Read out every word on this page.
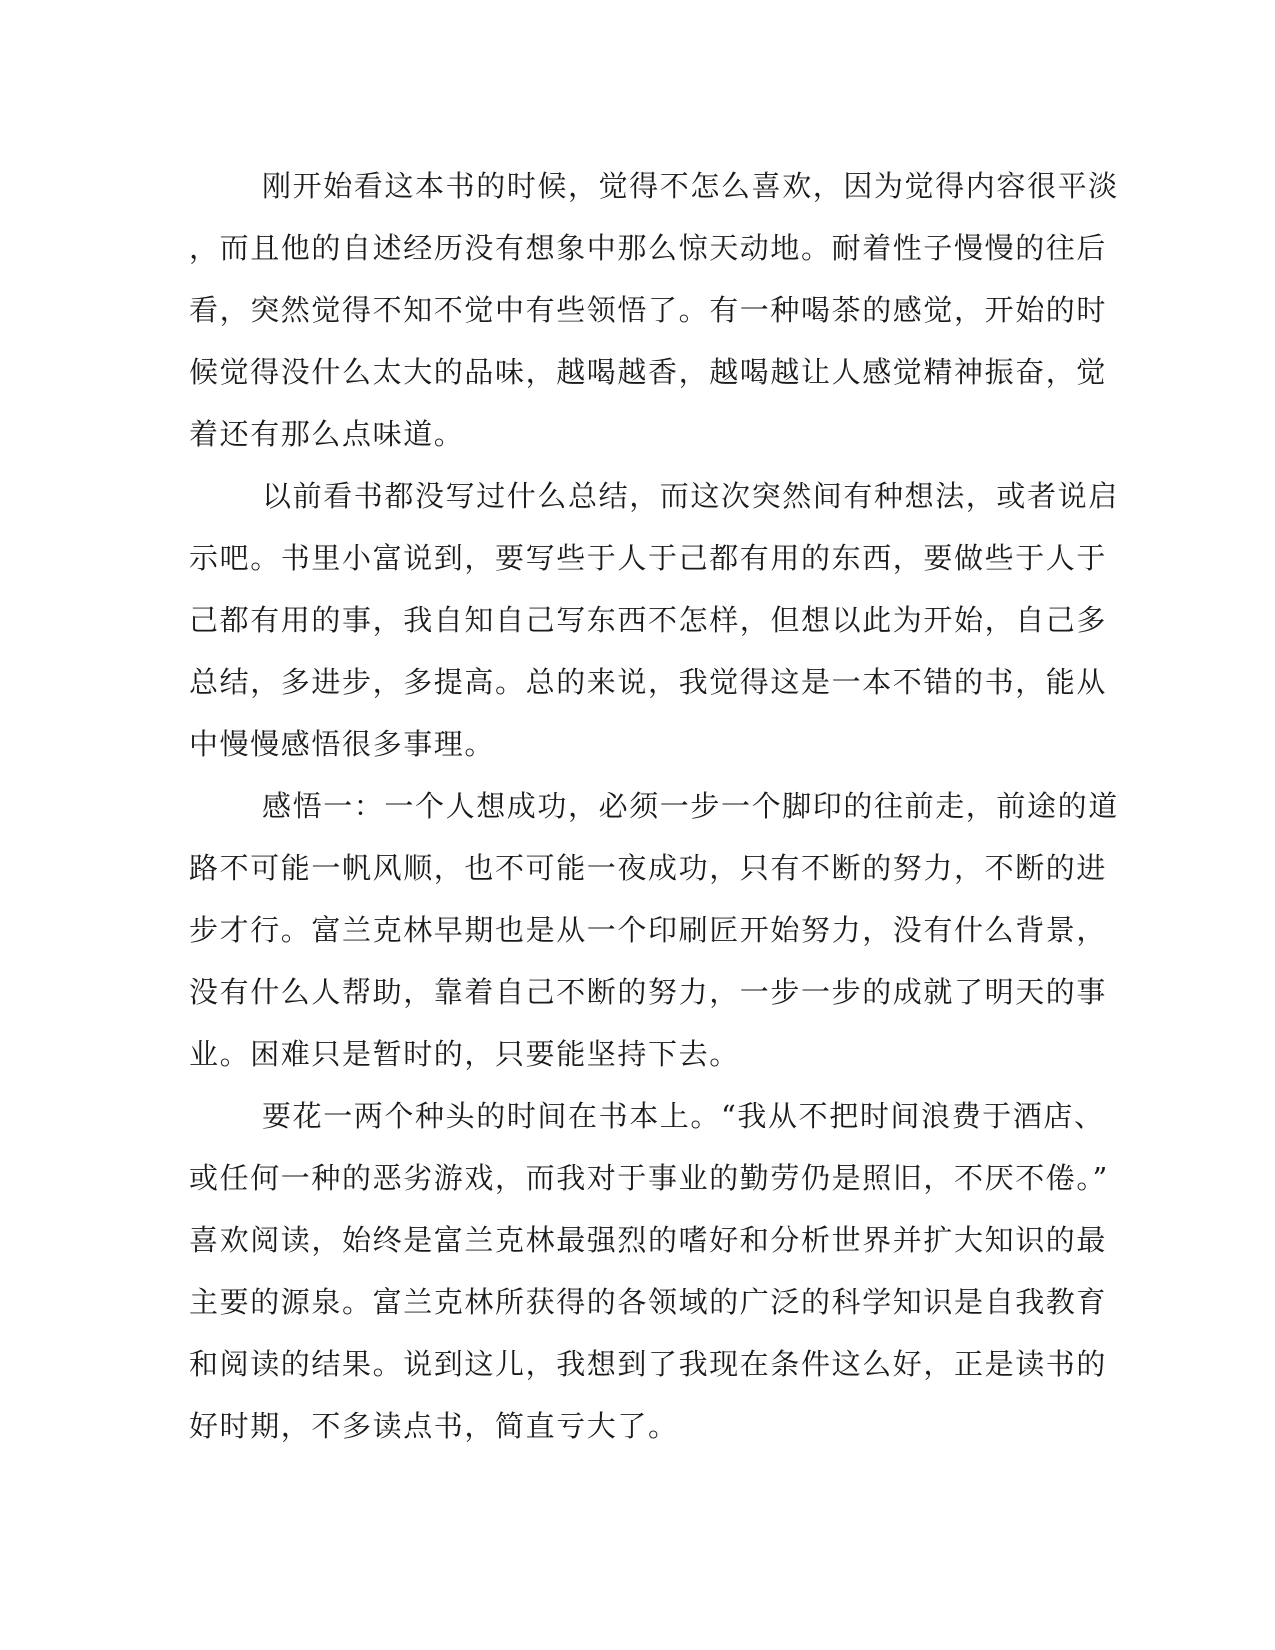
刚开始看这本书的时候，觉得不怎么喜欢，因为觉得内容很平淡
，而且他的自述经历没有想象中那么惊天动地。耐着性子慢慢的往后
看，突然觉得不知不觉中有些领悟了。有一种喝茶的感觉，开始的时
候觉得没什么太大的品味，越喝越香，越喝越让人感觉精神振奋，觉
着还有那么点味道。
以前看书都没写过什么总结，而这次突然间有种想法，或者说启
示吧。书里小富说到，要写些于人于己都有用的东西，要做些于人于
己都有用的事，我自知自己写东西不怎样，但想以此为开始，自己多
总结，多进步，多提高。总的来说，我觉得这是一本不错的书，能从
中慢慢感悟很多事理。
感悟一：一个人想成功，必须一步一个脚印的往前走，前途的道
路不可能一帆风顺，也不可能一夜成功，只有不断的努力，不断的进
步才行。富兰克林早期也是从一个印刷匠开始努力，没有什么背景，
没有什么人帮助，靠着自己不断的努力，一步一步的成就了明天的事
业。困难只是暂时的，只要能坚持下去。
要花一两个种头的时间在书本上。“我从不把时间浪费于酒店、
或任何一种的恶劣游戏，而我对于事业的勤劳仍是照旧，不厌不倦。”
喜欢阅读，始终是富兰克林最强烈的嗜好和分析世界并扩大知识的最
主要的源泉。富兰克林所获得的各领域的广泛的科学知识是自我教育
和阅读的结果。说到这儿，我想到了我现在条件这么好，正是读书的
好时期，不多读点书，简直亏大了。
